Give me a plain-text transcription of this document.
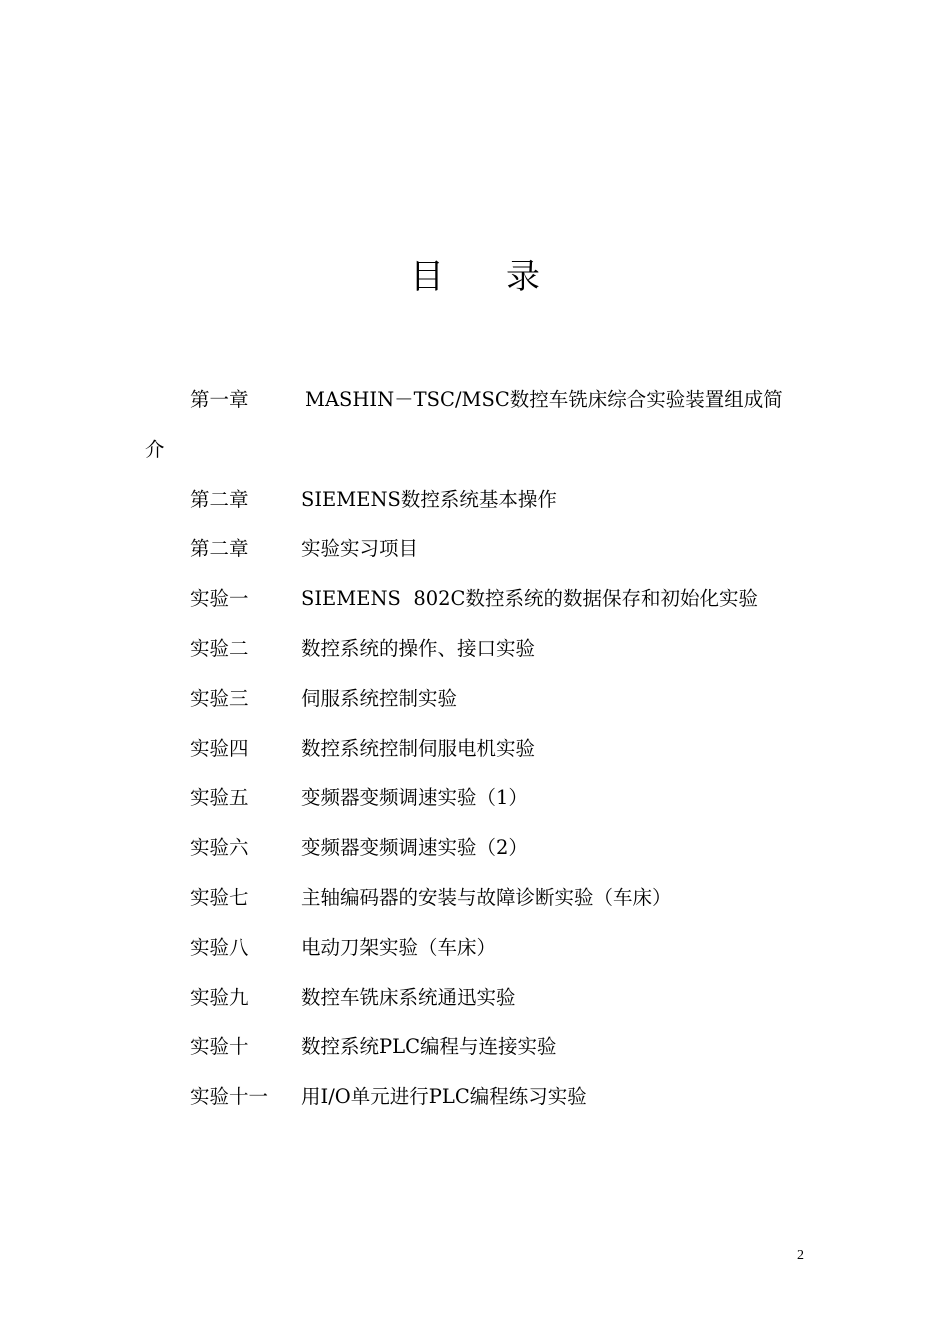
目 录
第一章	MASHIN－TSC/MSC数控车铣床综合实验装置组成简
介
第二章	SIEMENS数控系统基本操作
第二章	实验实习项目
实验一	SIEMENS  802C数控系统的数据保存和初始化实验
实验二	数控系统的操作、接口实验
实验三	伺服系统控制实验
实验四	数控系统控制伺服电机实验
实验五	变频器变频调速实验（1）
实验六	变频器变频调速实验（2）
实验七	主轴编码器的安装与故障诊断实验（车床）
实验八	电动刀架实验（车床）
实验九	数控车铣床系统通迅实验
实验十	数控系统PLC编程与连接实验
实验十一 用I/O单元进行PLC编程练习实验
2
